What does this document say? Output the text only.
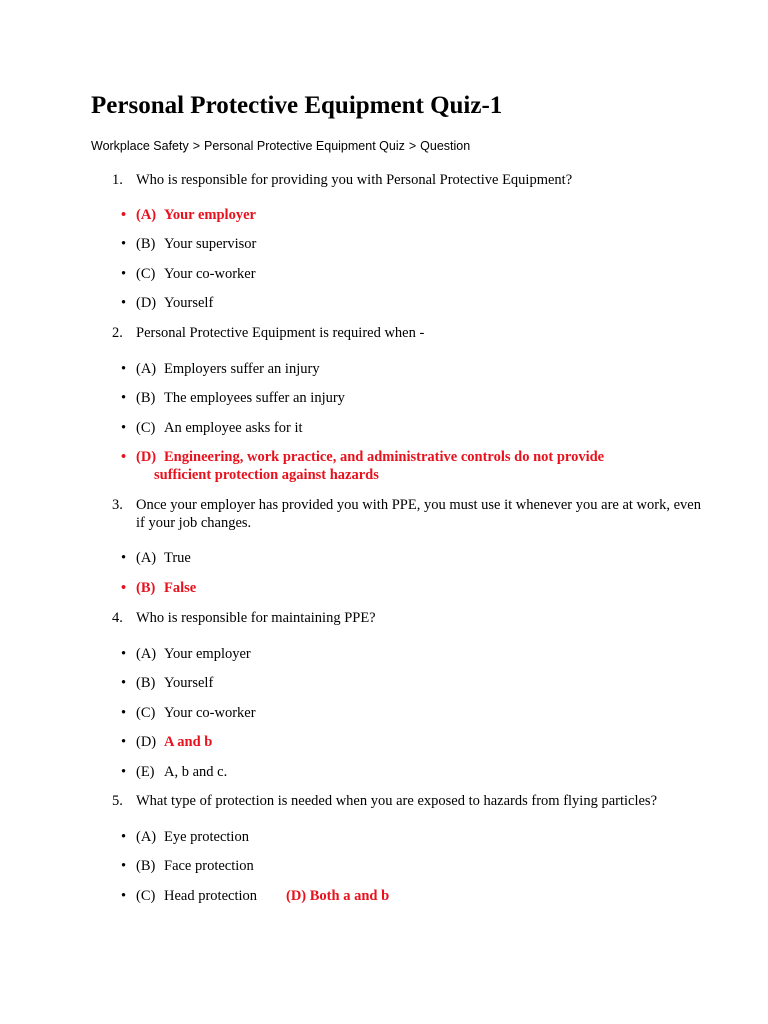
Personal Protective Equipment Quiz-1
Workplace Safety > Personal Protective Equipment Quiz > Question
1. Who is responsible for providing you with Personal Protective Equipment?
• (A) Your employer
• (B) Your supervisor
• (C) Your co-worker
• (D) Yourself
2. Personal Protective Equipment is required when -
• (A) Employers suffer an injury
• (B) The employees suffer an injury
• (C) An employee asks for it
• (D) Engineering, work practice, and administrative controls do not provide
sufficient protection against hazards
3. Once your employer has provided you with PPE, you must use it whenever you are at work, even if your job changes.
• (A) True
• (B) False
4. Who is responsible for maintaining PPE?
• (A) Your employer
• (B) Yourself
• (C) Your co-worker
• (D) A and b
• (E) A, b and c.
5. What type of protection is needed when you are exposed to hazards from flying particles?
• (A) Eye protection
• (B) Face protection
• (C) Head protection	(D) Both a and b
